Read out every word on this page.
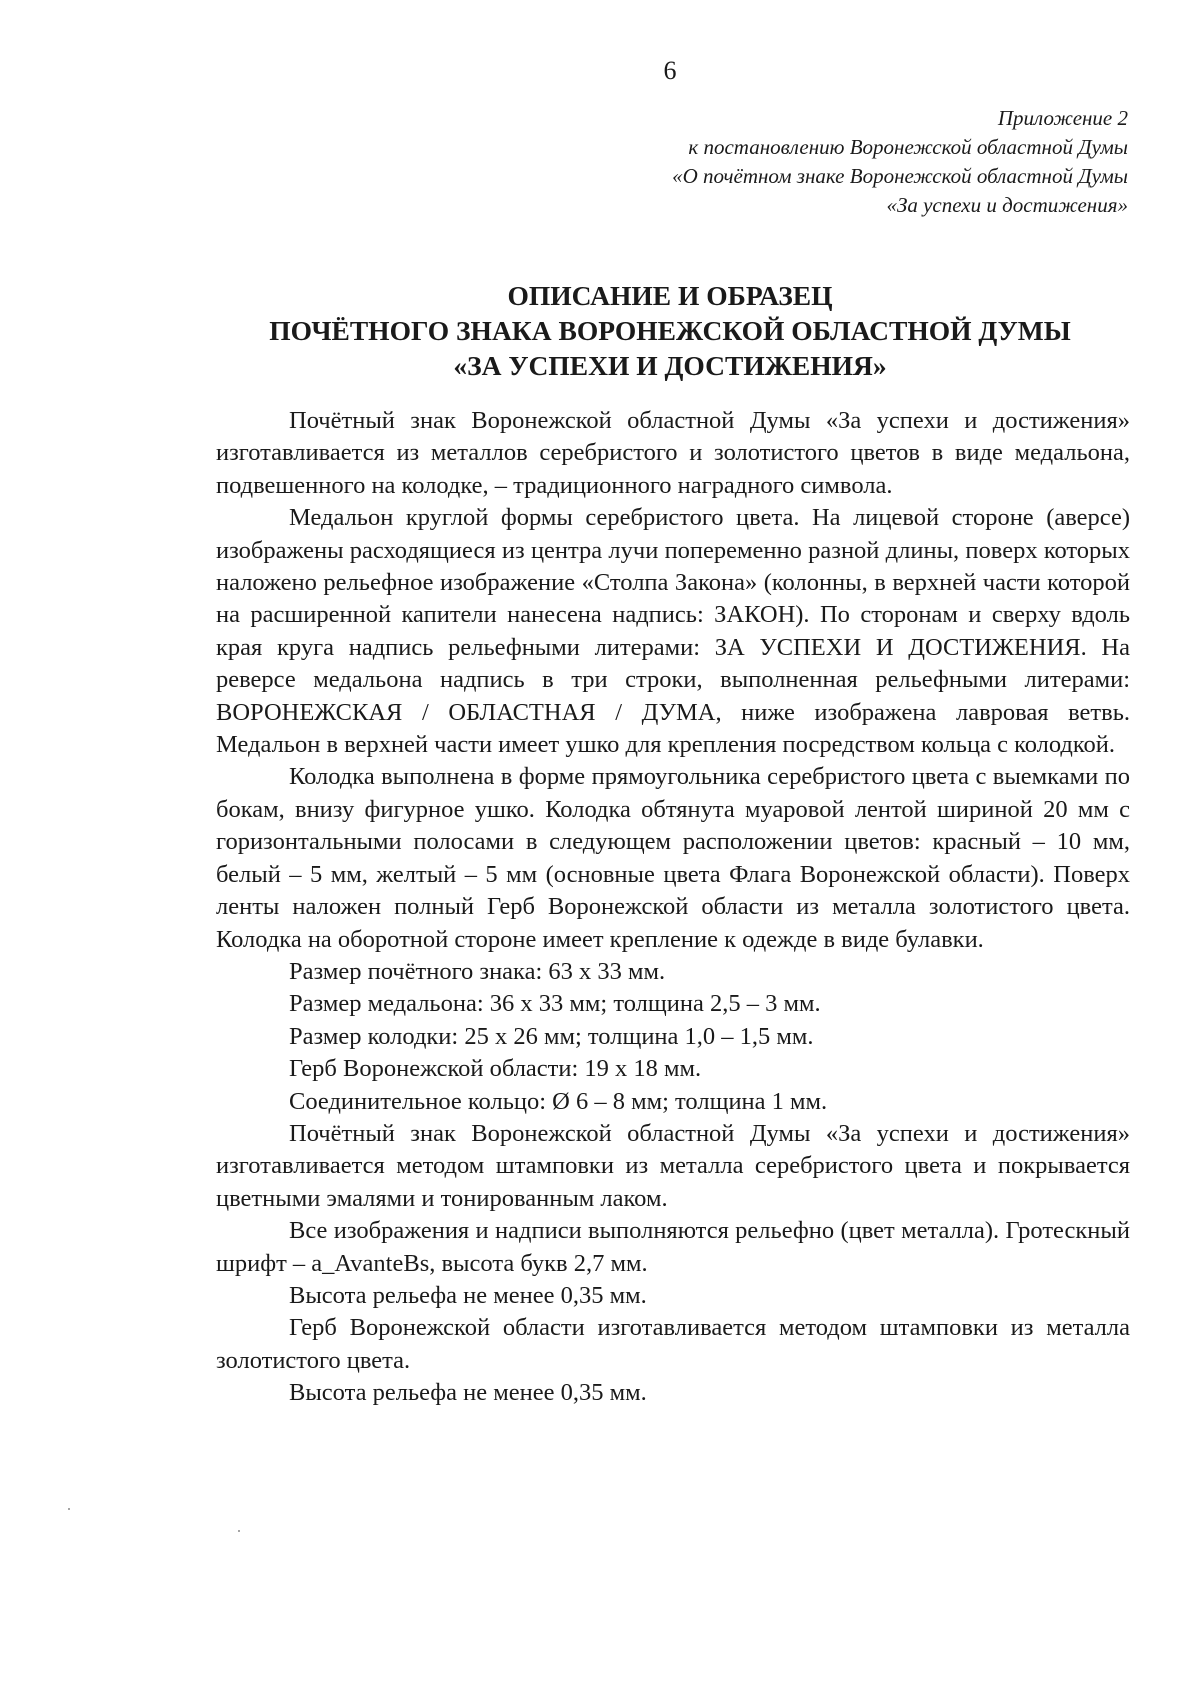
6
Приложение 2
к постановлению Воронежской областной Думы
«О почётном знаке Воронежской областной Думы
«За успехи и достижения»
ОПИСАНИЕ И ОБРАЗЕЦ
ПОЧЁТНОГО ЗНАКА ВОРОНЕЖСКОЙ ОБЛАСТНОЙ ДУМЫ
«ЗА УСПЕХИ И ДОСТИЖЕНИЯ»

Почётный знак Воронежской областной Думы «За успехи и достижения» изготавливается из металлов серебристого и золотистого цветов в виде медальона, подвешенного на колодке, – традиционного наградного символа.

Медальон круглой формы серебристого цвета. На лицевой стороне (аверсе) изображены расходящиеся из центра лучи попеременно разной длины, поверх которых наложено рельефное изображение «Столпа Закона» (колонны, в верхней части которой на расширенной капители нанесена надпись: ЗАКОН). По сторонам и сверху вдоль края круга надпись рельефными литерами: ЗА УСПЕХИ И ДОСТИЖЕНИЯ. На реверсе медальона надпись в три строки, выполненная рельефными литерами: ВОРОНЕЖСКАЯ / ОБЛАСТНАЯ / ДУМА, ниже изображена лавровая ветвь. Медальон в верхней части имеет ушко для крепления посредством кольца с колодкой.

Колодка выполнена в форме прямоугольника серебристого цвета с выемками по бокам, внизу фигурное ушко. Колодка обтянута муаровой лентой шириной 20 мм с горизонтальными полосами в следующем расположении цветов: красный – 10 мм, белый – 5 мм, желтый – 5 мм (основные цвета Флага Воронежской области). Поверх ленты наложен полный Герб Воронежской области из металла золотистого цвета. Колодка на оборотной стороне имеет крепление к одежде в виде булавки.

Размер почётного знака: 63 х 33 мм.

Размер медальона: 36 х 33 мм; толщина 2,5 – 3 мм.

Размер колодки: 25 х 26 мм; толщина 1,0 – 1,5 мм.

Герб Воронежской области: 19 х 18 мм.

Соединительное кольцо: Ø 6 – 8 мм; толщина 1 мм.

Почётный знак Воронежской областной Думы «За успехи и достижения» изготавливается методом штамповки из металла серебристого цвета и покрывается цветными эмалями и тонированным лаком.

Все изображения и надписи выполняются рельефно (цвет металла). Гротескный шрифт – a_AvanteBs, высота букв 2,7 мм.

Высота рельефа не менее 0,35 мм.

Герб Воронежской области изготавливается методом штамповки из металла золотистого цвета.

Высота рельефа не менее 0,35 мм.
